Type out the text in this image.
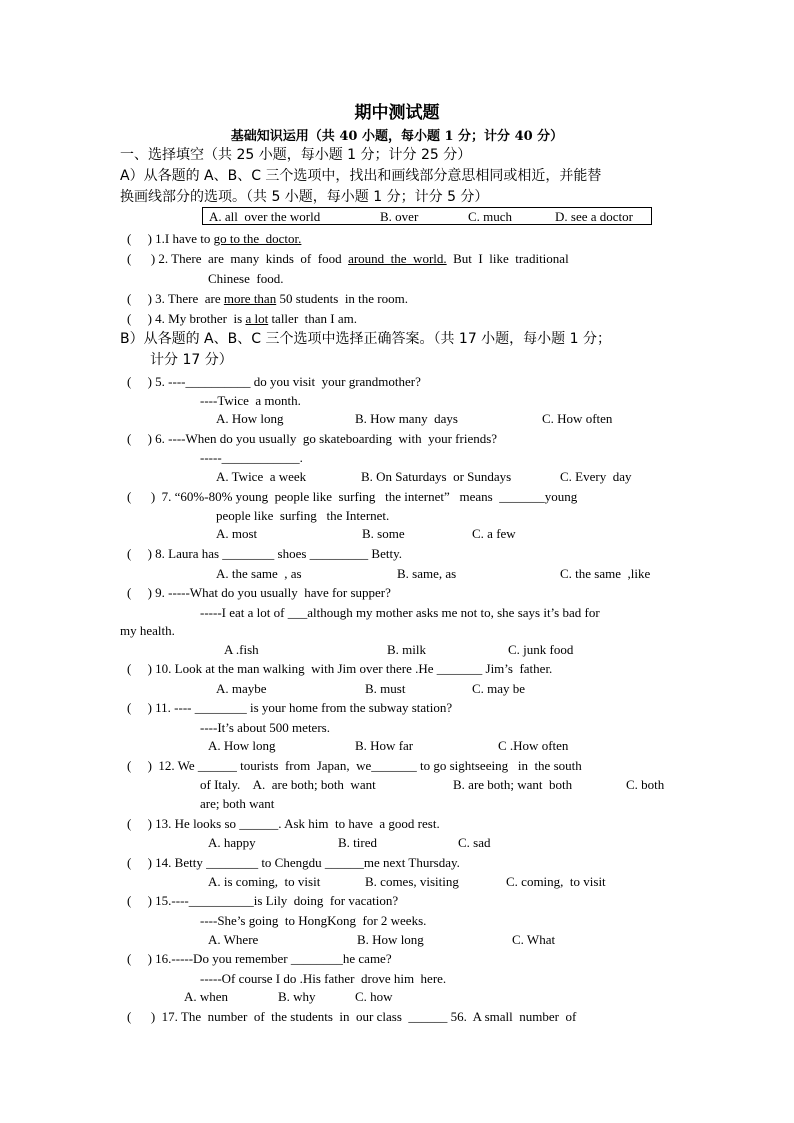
期中测试题
基础知识运用（共 40 小题，每小题 1 分；计分 40 分）
一、选择填空（共 25 小题，每小题 1 分；计分 25 分）
A）从各题的 A、B、C 三个选项中，找出和画线部分意思相同或相近，并能替
换画线部分的选项。（共 5 小题，每小题 1 分；计分 5 分）
A. all  over the world	B. over	C. much	D. see a doctor
(     ) 1.I have to go to the  doctor.
(      ) 2. There  are  many  kinds  of  food  around  the  world.  But  I  like  traditional
Chinese  food.
(     ) 3. There  are more than 50 students  in the room.
(     ) 4. My brother  is a lot taller  than I am.
B）从各题的 A、B、C 三个选项中选择正确答案。（共 17 小题，每小题 1 分；
计分 17 分）
(     ) 5. ----__________ do you visit  your grandmother?
----Twice  a month.
A. How long	B. How many  days	C. How often
(     ) 6. ----When do you usually  go skateboarding  with  your friends?
-----____________.
A. Twice  a week	B. On Saturdays  or Sundays	C. Every  day
(      )  7. “60%-80% young  people like  surfing   the internet”   means  _______young
people like  surfing   the Internet.
A. most	B. some	C. a few
(     ) 8. Laura has ________ shoes _________ Betty.
A. the same  , as	B. same, as	C. the same  ,like
(     ) 9. -----What do you usually  have for supper?
-----I eat a lot of ___although my mother asks me not to, she says it’s bad for
my health.
A .fish	B. milk	C. junk food
(     ) 10. Look at the man walking  with Jim over there .He _______ Jim’s  father.
A. maybe	B. must	C. may be
(     ) 11. ---- ________ is your home from the subway station?
----It’s about 500 meters.
A. How long	B. How far	C .How often
(     )  12. We ______ tourists  from  Japan,  we_______ to go sightseeing   in  the south
of Italy.    A.  are both; both  want	B. are both; want  both	C. both
are; both want
(     ) 13. He looks so ______. Ask him  to have  a good rest.
A. happy	B. tired	C. sad
(     ) 14. Betty ________ to Chengdu ______me next Thursday.
A. is coming,  to visit	B. comes, visiting	C. coming,  to visit
(     ) 15.----__________is Lily  doing  for vacation?
----She’s going  to HongKong  for 2 weeks.
A. Where	B. How long	C. What
(     ) 16.-----Do you remember ________he came?
-----Of course I do .His father  drove him  here.
A. when	B. why	C. how
(      )  17. The  number  of  the students  in  our class  ______ 56.  A small  number  of
